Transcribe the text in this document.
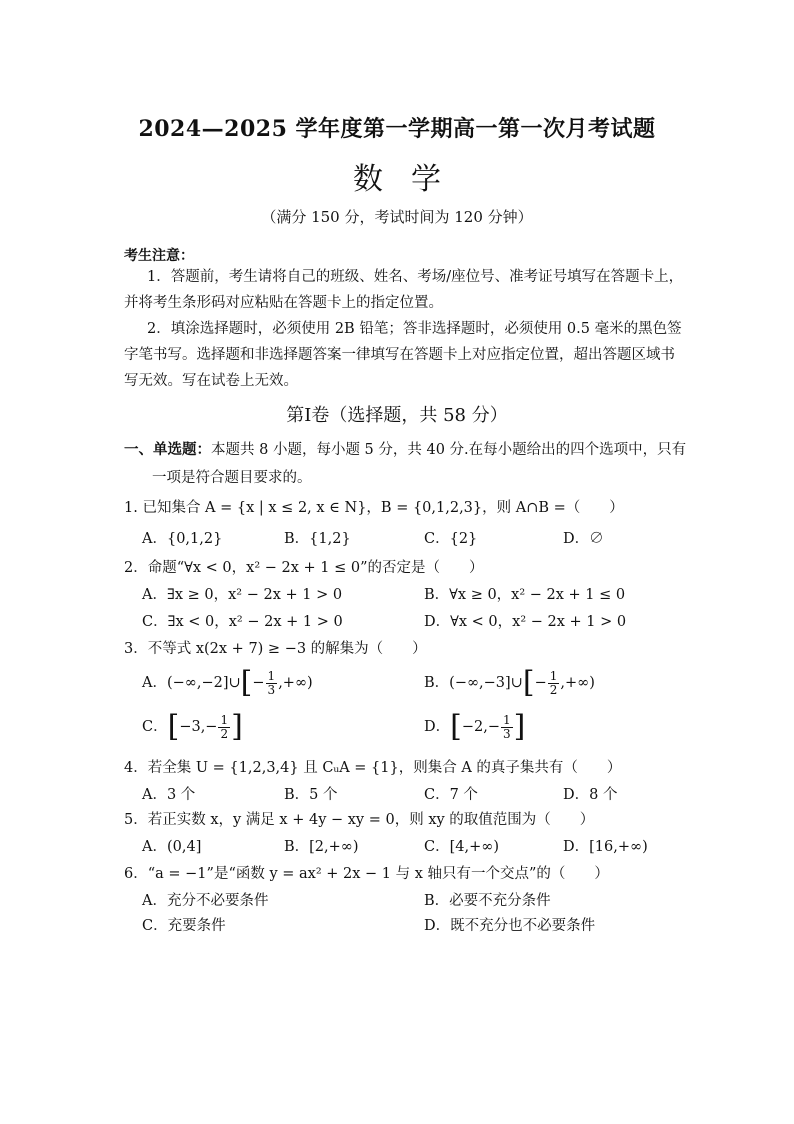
2024—2025 学年度第一学期高一第一次月考试题
数学
（满分 150 分，考试时间为 120 分钟）
考生注意：
1．答题前，考生请将自己的班级、姓名、考场/座位号、准考证号填写在答题卡上，
并将考生条形码对应粘贴在答题卡上的指定位置。
2．填涂选择题时，必须使用 2B 铅笔；答非选择题时，必须使用 0.5 毫米的黑色签
字笔书写。选择题和非选择题答案一律填写在答题卡上对应指定位置，超出答题区域书
写无效。写在试卷上无效。
第Ⅰ卷（选择题，共 58 分）
一、单选题：本题共 8 小题，每小题 5 分，共 40 分.在每小题给出的四个选项中，只有
一项是符合题目要求的。
1. 已知集合 A = {x | x ≤ 2, x ∈ N}，B = {0,1,2,3}，则 A∩B =（　　）
A．{0,1,2}	B．{1,2}	C．{2}	D．∅
2．命题“∀x < 0，x² − 2x + 1 ≤ 0”的否定是（　　）
A．∃x ≥ 0，x² − 2x + 1 > 0	B．∀x ≥ 0，x² − 2x + 1 ≤ 0
C．∃x < 0，x² − 2x + 1 > 0	D．∀x < 0，x² − 2x + 1 > 0
3．不等式 x(2x + 7) ≥ −3 的解集为（　　）
A．(−∞,−2]∪[− $\frac{1}{3}$ ,+∞)	B．(−∞,−3]∪[− $\frac{1}{2}$ ,+∞)
C．[$-3,- \frac{1}{2}$ ]	D．[$-2,- \frac{1}{3}$ ]
4．若全集 U = {1,2,3,4} 且 CᵤA = {1}，则集合 A 的真子集共有（　　）
A．3 个	B．5 个	C．7 个	D．8 个
5．若正实数 x，y 满足 x + 4y − xy = 0，则 xy 的取值范围为（　　）
A．(0,4]	B．[2,+∞)	C．[4,+∞)	D．[16,+∞)
6．“a = −1”是“函数 y = ax² + 2x − 1 与 x 轴只有一个交点”的（　　）
A．充分不必要条件	B．必要不充分条件
C．充要条件	D．既不充分也不必要条件
